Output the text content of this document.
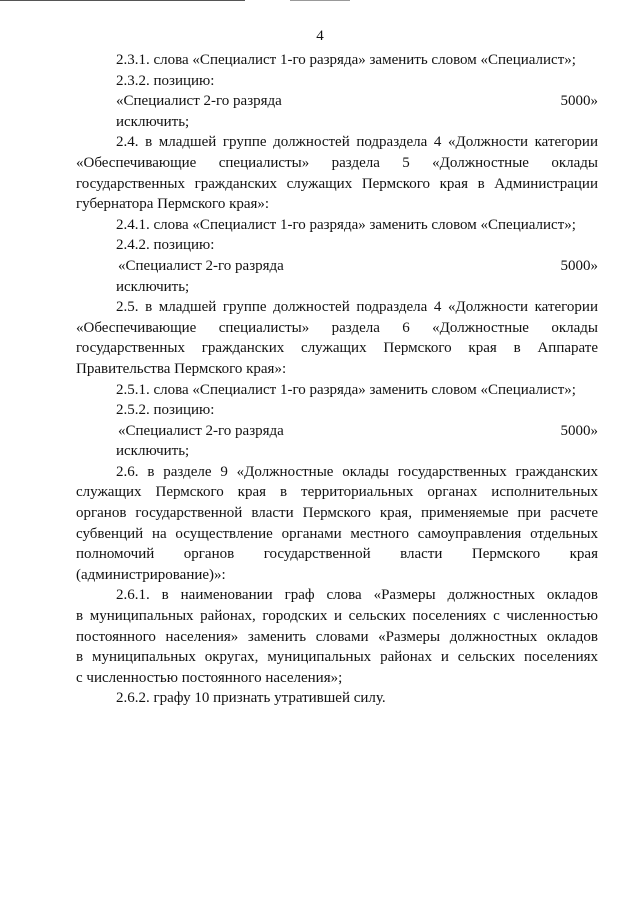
4

2.3.1. слова «Специалист 1-го разряда» заменить словом «Специалист»;

2.3.2. позицию:

«Специалист 2-го разряда	5000»

исключить;

2.4. в младшей группе должностей подраздела 4 «Должности категории

«Обеспечивающие специалисты» раздела 5 «Должностные оклады

государственных гражданских служащих Пермского края в Администрации

губернатора Пермского края»:

2.4.1. слова «Специалист 1-го разряда» заменить словом «Специалист»;

2.4.2. позицию:

«Специалист 2-го разряда	5000»

исключить;

2.5. в младшей группе должностей подраздела 4 «Должности категории

«Обеспечивающие специалисты» раздела 6 «Должностные оклады

государственных гражданских служащих Пермского края в Аппарате

Правительства Пермского края»:

2.5.1. слова «Специалист 1-го разряда» заменить словом «Специалист»;

2.5.2. позицию:

«Специалист 2-го разряда	5000»

исключить;

2.6. в разделе 9 «Должностные оклады государственных гражданских

служащих Пермского края в территориальных органах исполнительных

органов государственной власти Пермского края, применяемые при расчете

субвенций на осуществление органами местного самоуправления отдельных

полномочий органов государственной власти Пермского края

(администрирование)»:

2.6.1. в наименовании граф слова «Размеры должностных окладов

в муниципальных районах, городских и сельских поселениях с численностью

постоянного населения» заменить словами «Размеры должностных окладов

в муниципальных округах, муниципальных районах и сельских поселениях

с численностью постоянного населения»;

2.6.2. графу 10 признать утратившей силу.
